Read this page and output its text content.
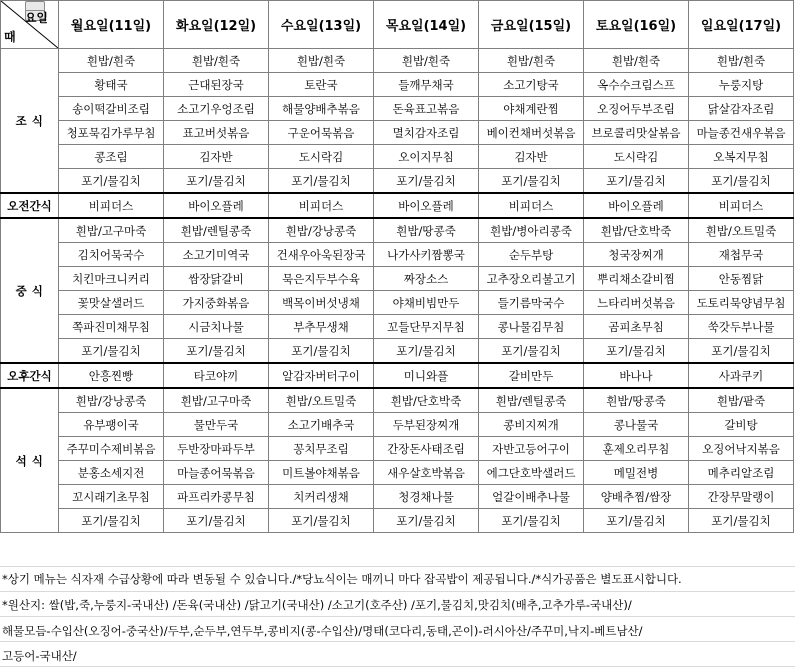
요일
때	월요일(11일)	화요일(12일)	수요일(13일)	목요일(14일)	금요일(15일)	토요일(16일)	일요일(17일)
조 식	흰밥/흰죽	흰밥/흰죽	흰밥/흰죽	흰밥/흰죽	흰밥/흰죽	흰밥/흰죽	흰밥/흰죽
	황태국	근대된장국	토란국	들깨무채국	소고기탕국	옥수수크림스프	누룽지탕
	송이떡갈비조림	소고기우엉조림	해물양배추볶음	돈육표고볶음	야채계란찜	오징어두부조림	닭살감자조림
	청포묵김가루무침	표고버섯볶음	구운어묵볶음	멸치감자조림	베이컨채버섯볶음	브로콜리맛살볶음	마늘종건새우볶음
	콩조림	김자반	도시락김	오이지무침	김자반	도시락김	오복지무침
	포기/물김치	포기/물김치	포기/물김치	포기/물김치	포기/물김치	포기/물김치	포기/물김치
오전간식	비피더스	바이오플레	비피더스	바이오플레	비피더스	바이오플레	비피더스
중 식	흰밥/고구마죽	흰밥/렌틸콩죽	흰밥/강낭콩죽	흰밥/땅콩죽	흰밥/병아리콩죽	흰밥/단호박죽	흰밥/오트밀죽
	김치어묵국수	소고기미역국	건새우아욱된장국	나가사키짬뽕국	순두부탕	청국장찌개	재첩무국
	치킨마크니커리	쌈장닭갈비	묵은지두부수육	짜장소스	고추장오리불고기	뿌리채소갈비찜	안동찜닭
	꽃맛살샐러드	가지중화볶음	백목이버섯냉채	야채비빔만두	들기름막국수	느타리버섯볶음	도토리묵양념무침
	쪽파진미채무침	시금치나물	부추무생채	꼬들단무지무침	콩나물김무침	곰피초무침	쑥갓두부나물
	포기/물김치	포기/물김치	포기/물김치	포기/물김치	포기/물김치	포기/물김치	포기/물김치
오후간식	안흥찐빵	타코야끼	알감자버터구이	미니와플	갈비만두	바나나	사과쿠키
석 식	흰밥/강낭콩죽	흰밥/고구마죽	흰밥/오트밀죽	흰밥/단호박죽	흰밥/렌틸콩죽	흰밥/땅콩죽	흰밥/팥죽
	유부팽이국	물만두국	소고기배추국	두부된장찌개	콩비지찌개	콩나물국	갈비탕
	주꾸미수제비볶음	두반장마파두부	꽁치무조림	간장돈사태조림	자반고등어구이	훈제오리무침	오징어낙지볶음
	분홍소세지전	마늘종어묵볶음	미트볼야채볶음	새우살호박볶음	에그단호박샐러드	메밀전병	메추리알조림
	꼬시래기초무침	파프리카콩무침	치커리생채	청경채나물	얼갈이배추나물	양배추찜/쌈장	간장무말랭이
	포기/물김치	포기/물김치	포기/물김치	포기/물김치	포기/물김치	포기/물김치	포기/물김치
*상기 메뉴는 식자재 수급상황에 따라 변동될 수 있습니다./*당뇨식이는 매끼니 마다 잡곡밥이 제공됩니다./*식가공품은 별도표시합니다.
*원산지: 쌀(밥,죽,누룽지-국내산) /돈육(국내산) /닭고기(국내산) /소고기(호주산) /포기,물김치,맛김치(배추,고추가루-국내산)/
해물모듬-수입산(오징어-중국산)/두부,순두부,연두부,콩비지(콩-수입산)/명태(코다리,동태,곤이)-러시아산/주꾸미,낙지-베트남산/
고등어-국내산/
